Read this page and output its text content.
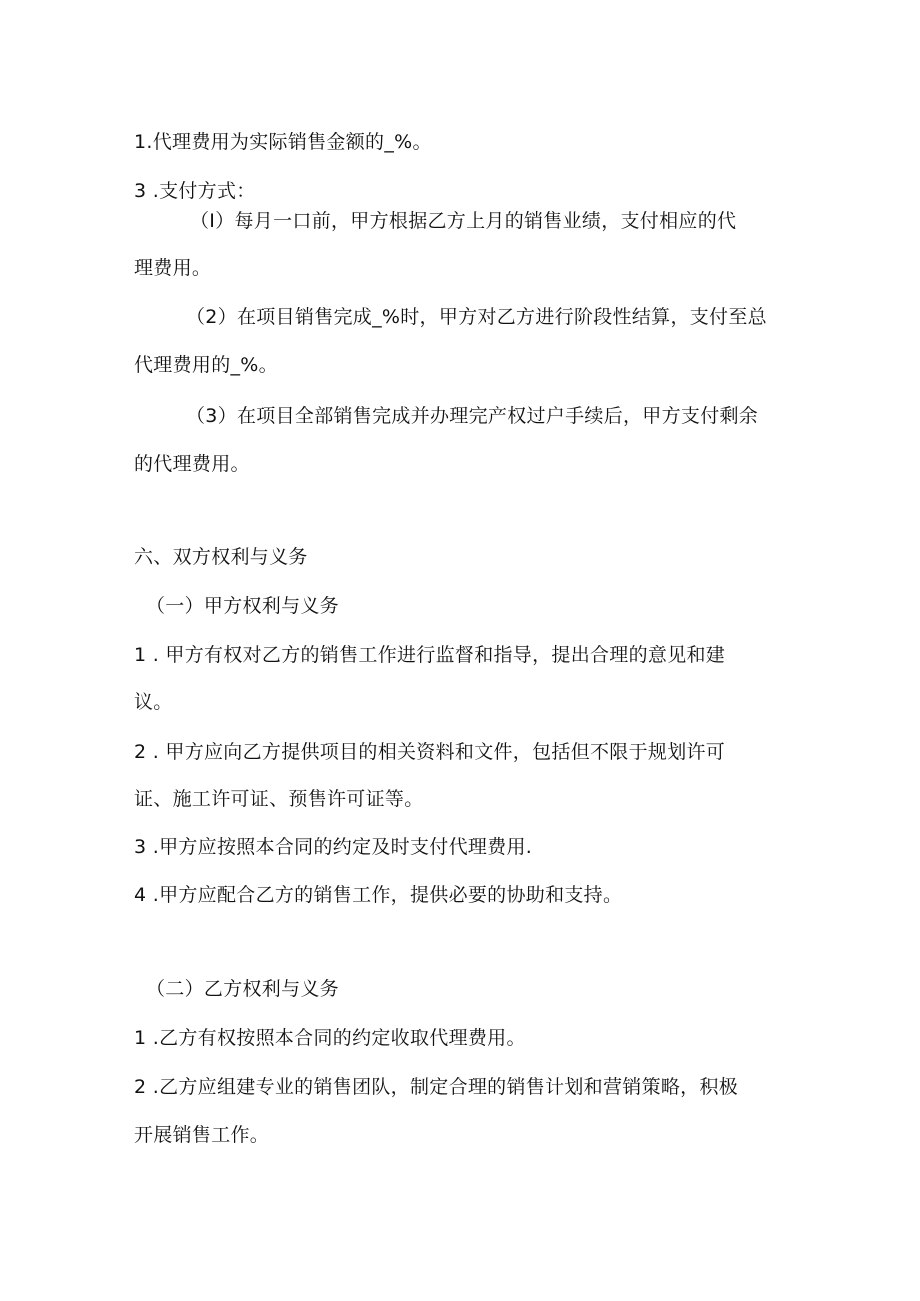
1.代理费用为实际销售金额的_%。
3 .支付方式：
（I）每月一口前，甲方根据乙方上月的销售业绩，支付相应的代
理费用。
（2）在项目销售完成_%时，甲方对乙方进行阶段性结算，支付至总
代理费用的_%。
（3）在项目全部销售完成并办理完产权过户手续后，甲方支付剩余
的代理费用。
六、双方权利与义务
（一）甲方权利与义务
1 . 甲方有权对乙方的销售工作进行监督和指导，提出合理的意见和建
议。
2 . 甲方应向乙方提供项目的相关资料和文件，包括但不限于规划许可
证、施工许可证、预售许可证等。
3 .甲方应按照本合同的约定及时支付代理费用.
4 .甲方应配合乙方的销售工作，提供必要的协助和支持。
（二）乙方权利与义务
1 .乙方有权按照本合同的约定收取代理费用。
2 .乙方应组建专业的销售团队，制定合理的销售计划和营销策略，积极
开展销售工作。
